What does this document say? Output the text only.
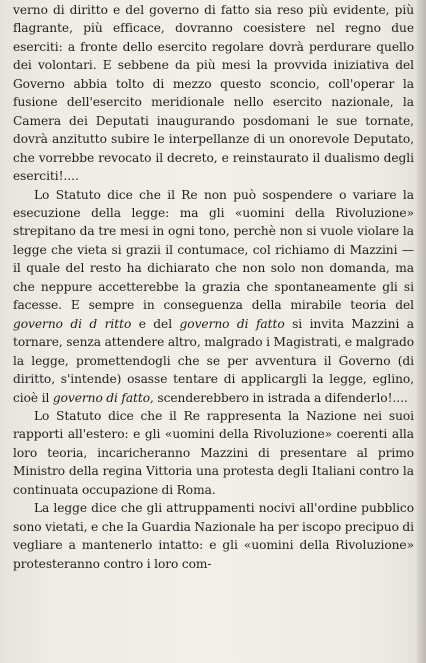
verno di diritto e del governo di fatto sia reso più evidente, più flagrante, più efficace, dovranno coesistere nel regno due eserciti: a fronte dello esercito regolare dovrà perdurare quello dei volontari. E sebbene da più mesi la provvida iniziativa del Governo abbia tolto di mezzo questo sconcio, coll'operar la fusione dell'esercito meridionale nello esercito nazionale, la Camera dei Deputati inaugurando posdomani le sue tornate, dovrà anzitutto subire le interpellanze di un onorevole Deputato, che vorrebbe revocato il decreto, e reinstaurato il dualismo degli eserciti!....

Lo Statuto dice che il Re non può sospendere o variare la esecuzione della legge: ma gli «uomini della Rivoluzione» strepitano da tre mesi in ogni tono, perchè non si vuole violare la legge che vieta si grazii il contumace, col richiamo di Mazzini — il quale del resto ha dichiarato che non solo non domanda, ma che neppure accetterebbe la grazia che spontaneamente gli si facesse. E sempre in conseguenza della mirabile teoria del governo di d ritto e del governo di fatto si invita Mazzini a tornare, senza attendere altro, malgrado i Magistrati, e malgrado la legge, promettendogli che se per avventura il Governo (di diritto, s'intende) osasse tentare di applicargli la legge, eglino, cioè il governo di fatto, scenderebbero in istrada a difenderlo!....

Lo Statuto dice che il Re rappresenta la Nazione nei suoi rapporti all'estero: e gli «uomini della Rivoluzione» coerenti alla loro teoria, incaricheranno Mazzini di presentare al primo Ministro della regina Vittoria una protesta degli Italiani contro la continuata occupazione di Roma.

La legge dice che gli attruppamenti nocivi all'ordine pubblico sono vietati, e che la Guardia Nazionale ha per iscopo precipuo di vegliare a mantenerlo intatto: e gli «uomini della Rivoluzione» protesteranno contro i loro com-
